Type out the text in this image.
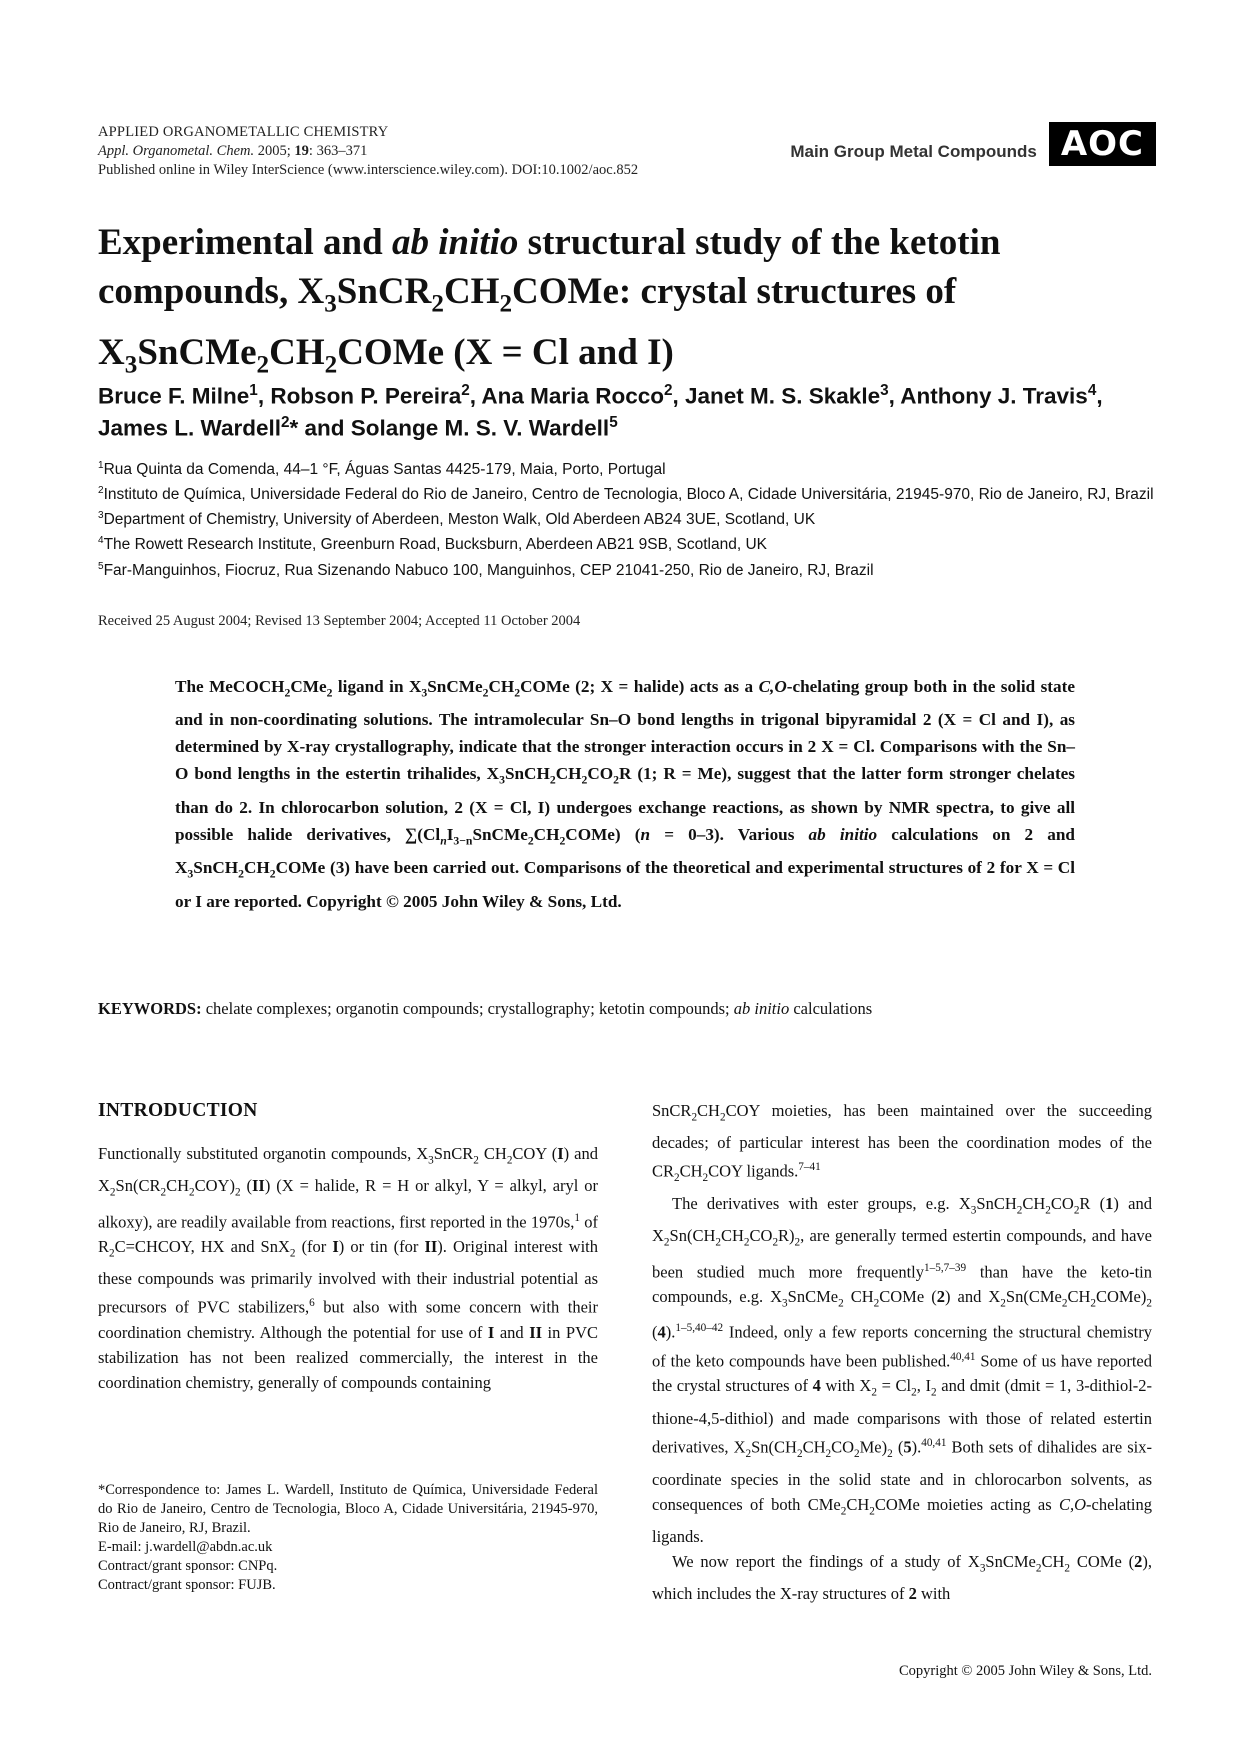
APPLIED ORGANOMETALLIC CHEMISTRY
Appl. Organometal. Chem. 2005; 19: 363–371
Published online in Wiley InterScience (www.interscience.wiley.com). DOI:10.1002/aoc.852
Main Group Metal Compounds AOC
Experimental and ab initio structural study of the ketotin compounds, $X_3SnCR_2CH_2COMe$: crystal structures of $X_3SnCMe_2CH_2COMe$ (X = Cl and I)
Bruce F. Milne$^1$, Robson P. Pereira$^2$, Ana Maria Rocco$^2$, Janet M. S. Skakle$^3$, Anthony J. Travis$^4$, James L. Wardell$^2$* and Solange M. S. V. Wardell$^5$
$^1$Rua Quinta da Comenda, 44–1 °F, Águas Santas 4425-179, Maia, Porto, Portugal
$^2$Instituto de Química, Universidade Federal do Rio de Janeiro, Centro de Tecnologia, Bloco A, Cidade Universitária, 21945-970, Rio de Janeiro, RJ, Brazil
$^3$Department of Chemistry, University of Aberdeen, Meston Walk, Old Aberdeen AB24 3UE, Scotland, UK
$^4$The Rowett Research Institute, Greenburn Road, Bucksburn, Aberdeen AB21 9SB, Scotland, UK
$^5$Far-Manguinhos, Fiocruz, Rua Sizenando Nabuco 100, Manguinhos, CEP 21041-250, Rio de Janeiro, RJ, Brazil
Received 25 August 2004; Revised 13 September 2004; Accepted 11 October 2004

The MeCOCH$_2$CMe$_2$ ligand in $X_3SnCMe_2CH_2COMe$ (2; X = halide) acts as a C,O-chelating group both in the solid state and in non-coordinating solutions. The intramolecular Sn–O bond lengths in trigonal bipyramidal 2 (X = Cl and I), as determined by X-ray crystallography, indicate that the stronger interaction occurs in 2 X = Cl. Comparisons with the Sn–O bond lengths in the estertin trihalides, $X_3SnCH_2CH_2CO_2R$ (1; R = Me), suggest that the latter form stronger chelates than do 2. In chlorocarbon solution, 2 (X = Cl, I) undergoes exchange reactions, as shown by NMR spectra, to give all possible halide derivatives, $\sum(Cl_nI_{3-n}SnCMe_2CH_2COMe) (n = 0-3)$. Various ab initio calculations on 2 and $X_3SnCH_2CH_2COMe$ (3) have been carried out. Comparisons of the theoretical and experimental structures of 2 for X = Cl or I are reported. Copyright © 2005 John Wiley & Sons, Ltd.

KEYWORDS: chelate complexes; organotin compounds; crystallography; ketotin compounds; ab initio calculations
INTRODUCTION

Functionally substituted organotin compounds, $X_3SnCR_2$ $CH_2COY$ (I) and $X_2Sn(CR_2CH_2COY)_2$ (II) (X = halide, R = H or alkyl, Y = alkyl, aryl or alkoxy), are readily available from reactions, first reported in the 1970s,$^1$ of $R_2C=CHCOY$, HX and SnX$_2$ (for I) or tin (for II). Original interest with these compounds was primarily involved with their industrial potential as precursors of PVC stabilizers,$^6$ but also with some concern with their coordination chemistry. Although the potential for use of I and II in PVC stabilization has not been realized commercially, the interest in the coordination chemistry, generally of compounds containing

$SnCR_2CH_2COY$ moieties, has been maintained over the succeeding decades; of particular interest has been the coordination modes of the $CR_2CH_2COY$ ligands.$^{7-41}$

The derivatives with ester groups, e.g. $X_3SnCH_2CH_2CO_2R$ (1) and $X_2Sn(CH_2CH_2CO_2R)_2$, are generally termed estertin compounds, and have been studied much more frequently$^{1-5,7-39}$ than have the keto-tin compounds, e.g. $X_3SnCMe_2$ $CH_2COMe$ (2) and $X_2Sn(CMe_2CH_2COMe)_2$ (4).$^{1-5,40-42}$ Indeed, only a few reports concerning the structural chemistry of the keto compounds have been published.$^{40,41}$ Some of us have reported the crystal structures of 4 with $X_2 = Cl_2$, $I_2$ and dmit (dmit = 1, 3-dithiol-2-thione-4,5-dithiol) and made comparisons with those of related estertin derivatives, $X_2Sn(CH_2CH_2CO_2Me)_2$ (5).$^{40,41}$ Both sets of dihalides are six-coordinate species in the solid state and in chlorocarbon solvents, as consequences of both $CMe_2CH_2COMe$ moieties acting as C,O-chelating ligands.

We now report the findings of a study of $X_3SnCMe_2CH_2$ COMe (2), which includes the X-ray structures of 2 with

*Correspondence to: James L. Wardell, Instituto de Química, Universidade Federal do Rio de Janeiro, Centro de Tecnologia, Bloco A, Cidade Universitária, 21945-970, Rio de Janeiro, RJ, Brazil.
E-mail: j.wardell@abdn.ac.uk
Contract/grant sponsor: CNPq.
Contract/grant sponsor: FUJB.
Copyright © 2005 John Wiley & Sons, Ltd.
